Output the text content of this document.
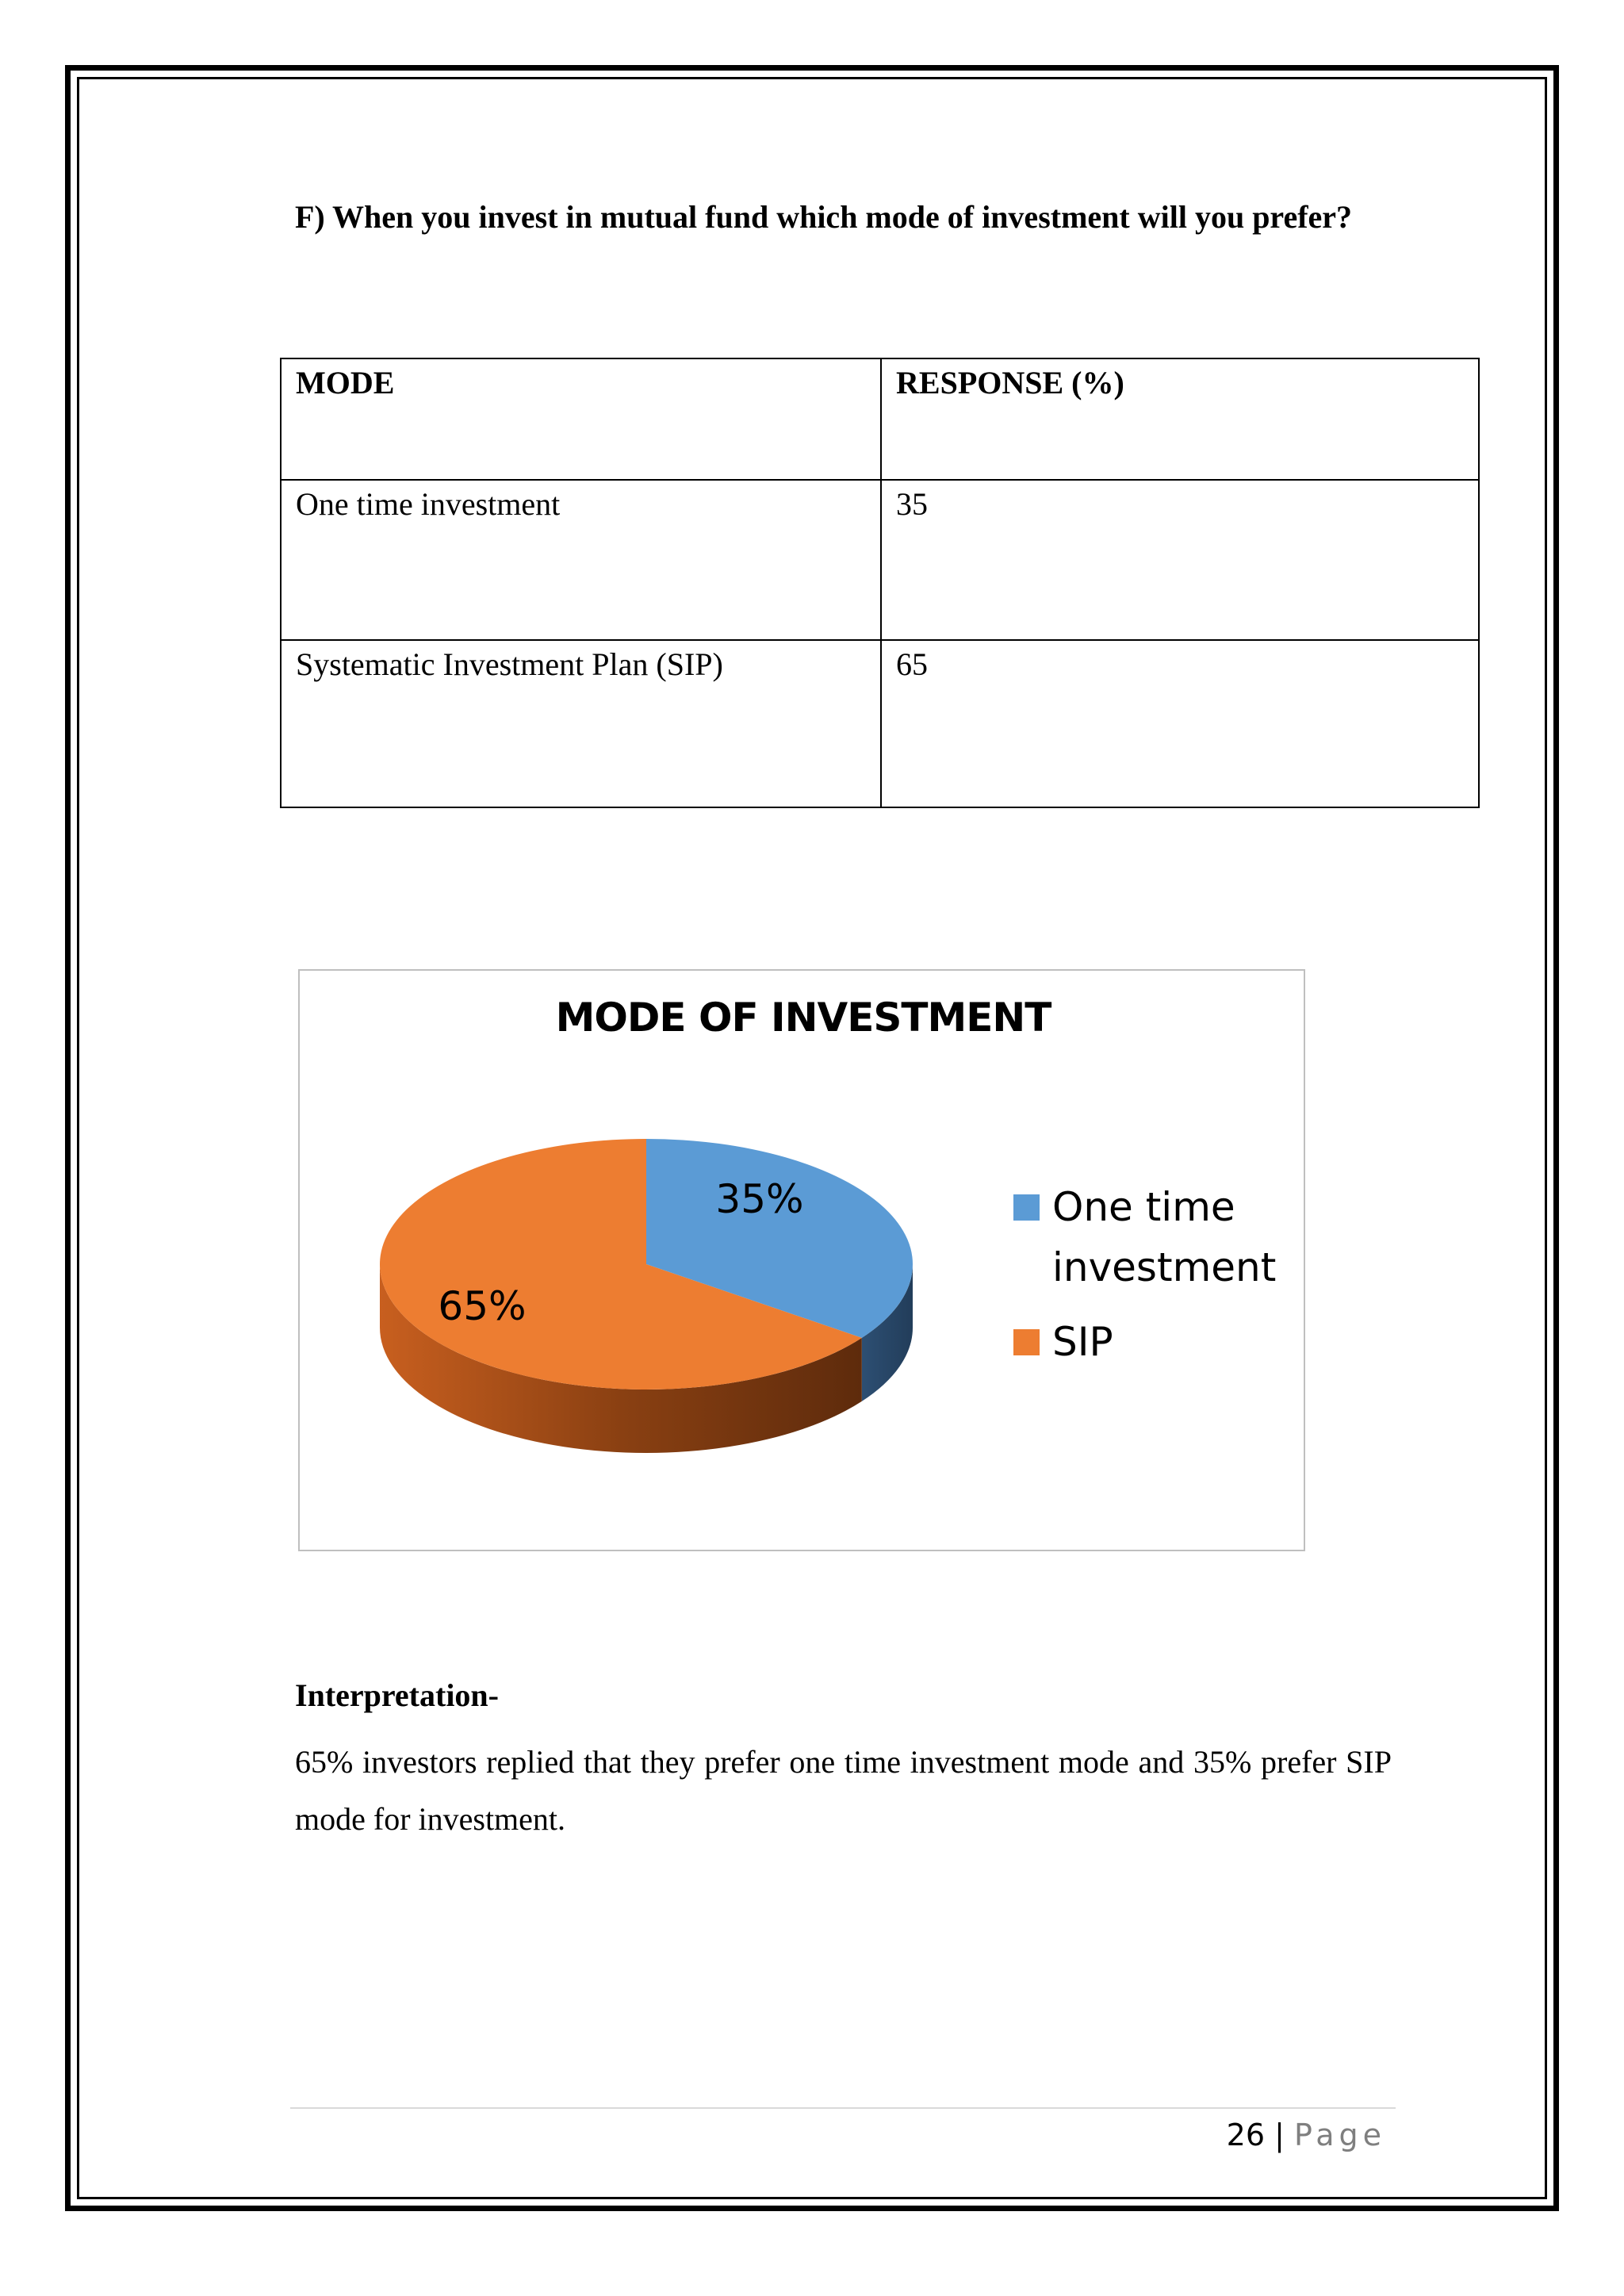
F) When you invest in mutual fund which mode of investment will you prefer?
MODE	RESPONSE (%)
One time investment	35
Systematic Investment Plan (SIP)	65
MODE OF INVESTMENT
35%
65%
One time investment
SIP
Interpretation-

65% investors replied that they prefer one time investment mode and 35% prefer SIP mode for investment.

26 | Page
